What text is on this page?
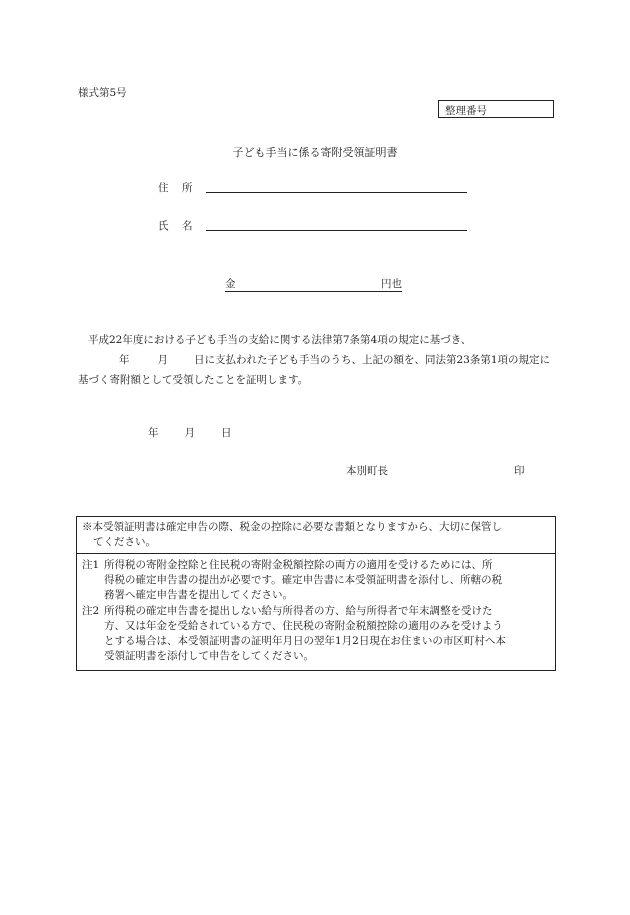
様式第5号
整理番号
子ども手当に係る寄附受領証明書
住 所
氏 名
金	円也

平成22年度における子ども手当の支給に関する法律第7条第4項の規定に基づき、

年	月 日に支払われた子ども手当のうち、上記の額を、同法第23条第1項の規定に

基づく寄附額として受領したことを証明します。

年 月 日
本別町長	印

※本受領証明書は確定申告の際、税金の控除に必要な書類となりますから、大切に保管し
てください。

注1 所得税の寄附金控除と住民税の寄附金税額控除の両方の適用を受けるためには、所
得税の確定申告書の提出が必要です。確定申告書に本受領証明書を添付し、所轄の税
務署へ確定申告書を提出してください。
注2 所得税の確定申告書を提出しない給与所得者の方、給与所得者で年末調整を受けた
方、又は年金を受給されている方で、住民税の寄附金税額控除の適用のみを受けよう
とする場合は、本受領証明書の証明年月日の翌年1月2日現在お住まいの市区町村へ本
受領証明書を添付して申告をしてください。
